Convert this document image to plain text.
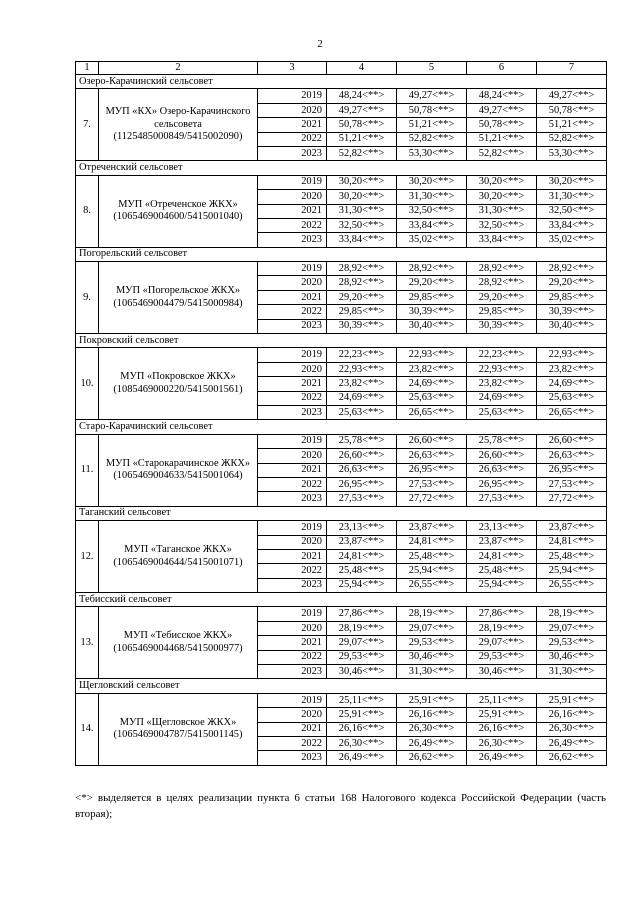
2
1	2	3	4	5	6	7
Озеро-Карачинский сельсовет						
7.	МУП «КХ» Озеро-Карачинского сельсовета (1125485000849/5415002090)	2019	48,24<**>	49,27<**>	48,24<**>	49,27<**>
		2020	49,27<**>	50,78<**>	49,27<**>	50,78<**>
		2021	50,78<**>	51,21<**>	50,78<**>	51,21<**>
		2022	51,21<**>	52,82<**>	51,21<**>	52,82<**>
		2023	52,82<**>	53,30<**>	52,82<**>	53,30<**>
Отреченский сельсовет						
8.	МУП «Отреченское ЖКХ» (1065469004600/5415001040)	2019	30,20<**>	30,20<**>	30,20<**>	30,20<**>
		2020	30,20<**>	31,30<**>	30,20<**>	31,30<**>
		2021	31,30<**>	32,50<**>	31,30<**>	32,50<**>
		2022	32,50<**>	33,84<**>	32,50<**>	33,84<**>
		2023	33,84<**>	35,02<**>	33,84<**>	35,02<**>
Погорельский сельсовет						
9.	МУП «Погорельское ЖКХ» (1065469004479/5415000984)	2019	28,92<**>	28,92<**>	28,92<**>	28,92<**>
		2020	28,92<**>	29,20<**>	28,92<**>	29,20<**>
		2021	29,20<**>	29,85<**>	29,20<**>	29,85<**>
		2022	29,85<**>	30,39<**>	29,85<**>	30,39<**>
		2023	30,39<**>	30,40<**>	30,39<**>	30,40<**>
Покровский сельсовет						
10.	МУП «Покровское ЖКХ» (1085469000220/5415001561)	2019	22,23<**>	22,93<**>	22,23<**>	22,93<**>
		2020	22,93<**>	23,82<**>	22,93<**>	23,82<**>
		2021	23,82<**>	24,69<**>	23,82<**>	24,69<**>
		2022	24,69<**>	25,63<**>	24,69<**>	25,63<**>
		2023	25,63<**>	26,65<**>	25,63<**>	26,65<**>
Старо-Карачинский сельсовет						
11.	МУП «Старокарачинское ЖКХ» (1065469004633/5415001064)	2019	25,78<**>	26,60<**>	25,78<**>	26,60<**>
		2020	26,60<**>	26,63<**>	26,60<**>	26,63<**>
		2021	26,63<**>	26,95<**>	26,63<**>	26,95<**>
		2022	26,95<**>	27,53<**>	26,95<**>	27,53<**>
		2023	27,53<**>	27,72<**>	27,53<**>	27,72<**>
Таганский сельсовет						
12.	МУП «Таганское ЖКХ» (1065469004644/5415001071)	2019	23,13<**>	23,87<**>	23,13<**>	23,87<**>
		2020	23,87<**>	24,81<**>	23,87<**>	24,81<**>
		2021	24,81<**>	25,48<**>	24,81<**>	25,48<**>
		2022	25,48<**>	25,94<**>	25,48<**>	25,94<**>
		2023	25,94<**>	26,55<**>	25,94<**>	26,55<**>
Тебисский сельсовет						
13.	МУП «Тебисское ЖКХ» (1065469004468/5415000977)	2019	27,86<**>	28,19<**>	27,86<**>	28,19<**>
		2020	28,19<**>	29,07<**>	28,19<**>	29,07<**>
		2021	29,07<**>	29,53<**>	29,07<**>	29,53<**>
		2022	29,53<**>	30,46<**>	29,53<**>	30,46<**>
		2023	30,46<**>	31,30<**>	30,46<**>	31,30<**>
Щегловский сельсовет						
14.	МУП «Щегловское ЖКХ» (1065469004787/5415001145)	2019	25,11<**>	25,91<**>	25,11<**>	25,91<**>
		2020	25,91<**>	26,16<**>	25,91<**>	26,16<**>
		2021	26,16<**>	26,30<**>	26,16<**>	26,30<**>
		2022	26,30<**>	26,49<**>	26,30<**>	26,49<**>
		2023	26,49<**>	26,62<**>	26,49<**>	26,62<**>
<*> выделяется в целях реализации пункта 6 статьи 168 Налогового кодекса Российской Федерации (часть вторая);
